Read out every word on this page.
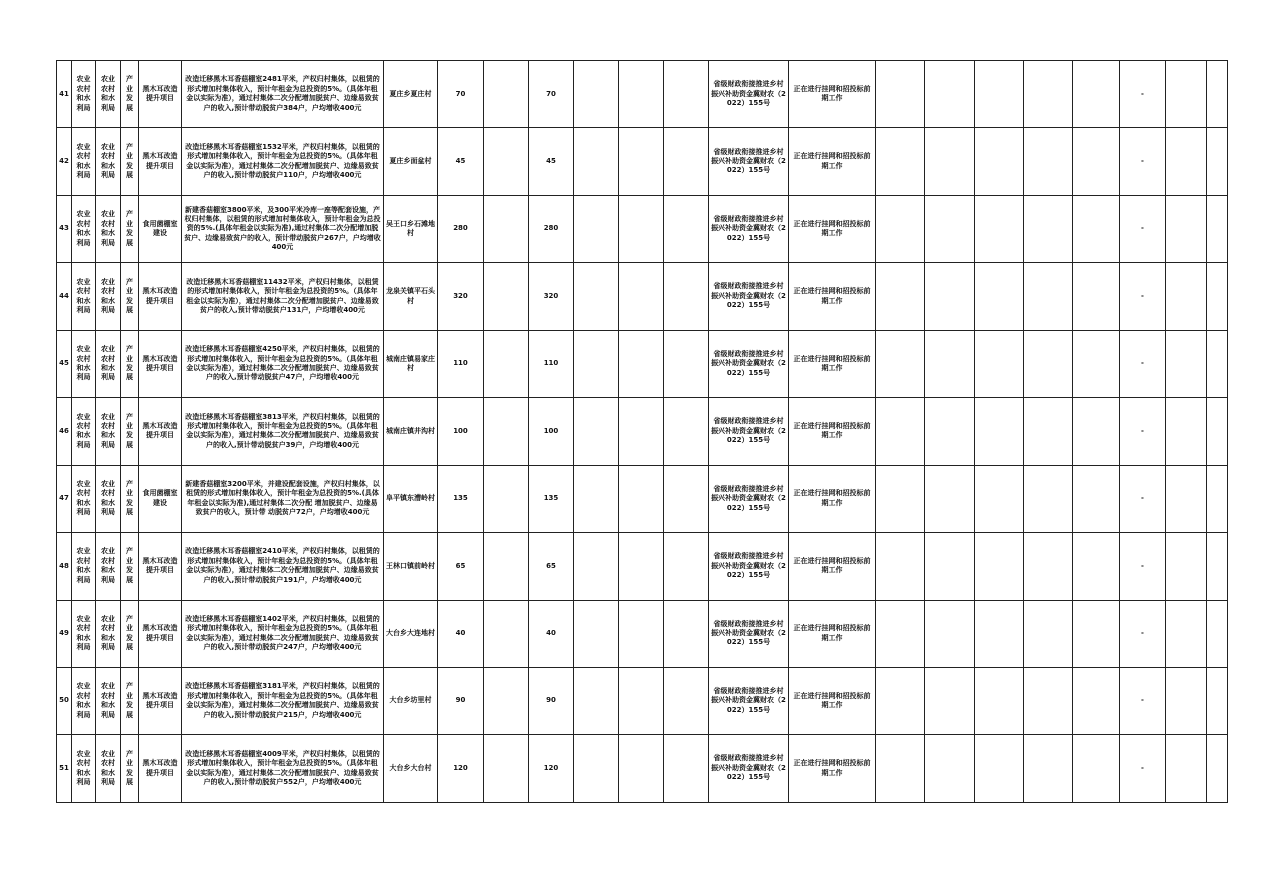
41	农业农村和水利局	农业农村和水利局	产业发展	黑木耳改造提升项目	改造迁移黑木耳香菇棚室2481平米，产权归村集体，以租赁的形式增加村集体收入，预计年租金为总投资的5%。（具体年租金以实际为准），通过村集体二次分配增加脱贫户、边缘易致贫户的收入,预计带动脱贫户384户，户均增收400元	夏庄乡夏庄村	70		70				省级财政衔接推进乡村振兴补助资金冀财农（2022）155号	正在进行挂网和招投标前期工作						-		
42	农业农村和水利局	农业农村和水利局	产业发展	黑木耳改造提升项目	改造迁移黑木耳香菇棚室1532平米，产权归村集体，以租赁的形式增加村集体收入，预计年租金为总投资的5%。（具体年租金以实际为准），通过村集体二次分配增加脱贫户、边缘易致贫户的收入,预计带动脱贫户110户，户均增收400元	夏庄乡面盆村	45		45				省级财政衔接推进乡村振兴补助资金冀财农（2022）155号	正在进行挂网和招投标前期工作						-		
43	农业农村和水利局	农业农村和水利局	产业发展	食用菌棚室建设	新建香菇棚室3800平米，及300平米冷库一座等配套设施，产权归村集体，以租赁的形式增加村集体收入，预计年租金为总投资的5%.(具体年租金以实际为准),通过村集体二次分配增加脱贫户、边缘易致贫户的收入，预计带动脱贫户267户，户均增收400元	吴王口乡石滩地村	280		280				省级财政衔接推进乡村振兴补助资金冀财农（2022）155号	正在进行挂网和招投标前期工作						-		
44	农业农村和水利局	农业农村和水利局	产业发展	黑木耳改造提升项目	改造迁移黑木耳香菇棚室11432平米，产权归村集体，以租赁的形式增加村集体收入，预计年租金为总投资的5%。（具体年租金以实际为准），通过村集体二次分配增加脱贫户、边缘易致贫户的收入,预计带动脱贫户131户，户均增收400元	龙泉关镇平石头村	320		320				省级财政衔接推进乡村振兴补助资金冀财农（2022）155号	正在进行挂网和招投标前期工作						-		
45	农业农村和水利局	农业农村和水利局	产业发展	黑木耳改造提升项目	改造迁移黑木耳香菇棚室4250平米，产权归村集体，以租赁的形式增加村集体收入，预计年租金为总投资的5%。（具体年租金以实际为准），通过村集体二次分配增加脱贫户、边缘易致贫户的收入,预计带动脱贫户47户，户均增收400元	城南庄镇易家庄村	110		110				省级财政衔接推进乡村振兴补助资金冀财农（2022）155号	正在进行挂网和招投标前期工作						-		
46	农业农村和水利局	农业农村和水利局	产业发展	黑木耳改造提升项目	改造迁移黑木耳香菇棚室3813平米，产权归村集体，以租赁的形式增加村集体收入，预计年租金为总投资的5%。（具体年租金以实际为准），通过村集体二次分配增加脱贫户、边缘易致贫户的收入,预计带动脱贫户39户，户均增收400元	城南庄镇井沟村	100		100				省级财政衔接推进乡村振兴补助资金冀财农（2022）155号	正在进行挂网和招投标前期工作						-		
47	农业农村和水利局	农业农村和水利局	产业发展	食用菌棚室建设	新建香菇棚室3200平米，并建设配套设施，产权归村集体，以租赁的形式增加村集体收入，预计年租金为总投资的5%.(具体年租金以实际为准),通过村集体二次分配 增加脱贫户、边缘易致贫户的收入，预计带 动脱贫户72户，户均增收400元	阜平镇东漕岭村	135		135				省级财政衔接推进乡村振兴补助资金冀财农（2022）155号	正在进行挂网和招投标前期工作						-		
48	农业农村和水利局	农业农村和水利局	产业发展	黑木耳改造提升项目	改造迁移黑木耳香菇棚室2410平米，产权归村集体，以租赁的形式增加村集体收入，预计年租金为总投资的5%。（具体年租金以实际为准），通过村集体二次分配增加脱贫户、边缘易致贫户的收入,预计带动脱贫户191户，户均增收400元	王林口镇前岭村	65		65				省级财政衔接推进乡村振兴补助资金冀财农（2022）155号	正在进行挂网和招投标前期工作						-		
49	农业农村和水利局	农业农村和水利局	产业发展	黑木耳改造提升项目	改造迁移黑木耳香菇棚室1402平米，产权归村集体，以租赁的形式增加村集体收入，预计年租金为总投资的5%。（具体年租金以实际为准），通过村集体二次分配增加脱贫户、边缘易致贫户的收入,预计带动脱贫户247户，户均增收400元	大台乡大连地村	40		40				省级财政衔接推进乡村振兴补助资金冀财农（2022）155号	正在进行挂网和招投标前期工作						-		
50	农业农村和水利局	农业农村和水利局	产业发展	黑木耳改造提升项目	改造迁移黑木耳香菇棚室3181平米，产权归村集体，以租赁的形式增加村集体收入，预计年租金为总投资的5%。（具体年租金以实际为准），通过村集体二次分配增加脱贫户、边缘易致贫户的收入,预计带动脱贫户215户，户均增收400元	大台乡坊里村	90		90				省级财政衔接推进乡村振兴补助资金冀财农（2022）155号	正在进行挂网和招投标前期工作						-		
51	农业农村和水利局	农业农村和水利局	产业发展	黑木耳改造提升项目	改造迁移黑木耳香菇棚室4009平米，产权归村集体，以租赁的形式增加村集体收入，预计年租金为总投资的5%。（具体年租金以实际为准），通过村集体二次分配增加脱贫户、边缘易致贫户的收入,预计带动脱贫户552户，户均增收400元	大台乡大台村	120		120				省级财政衔接推进乡村振兴补助资金冀财农（2022）155号	正在进行挂网和招投标前期工作						-		
